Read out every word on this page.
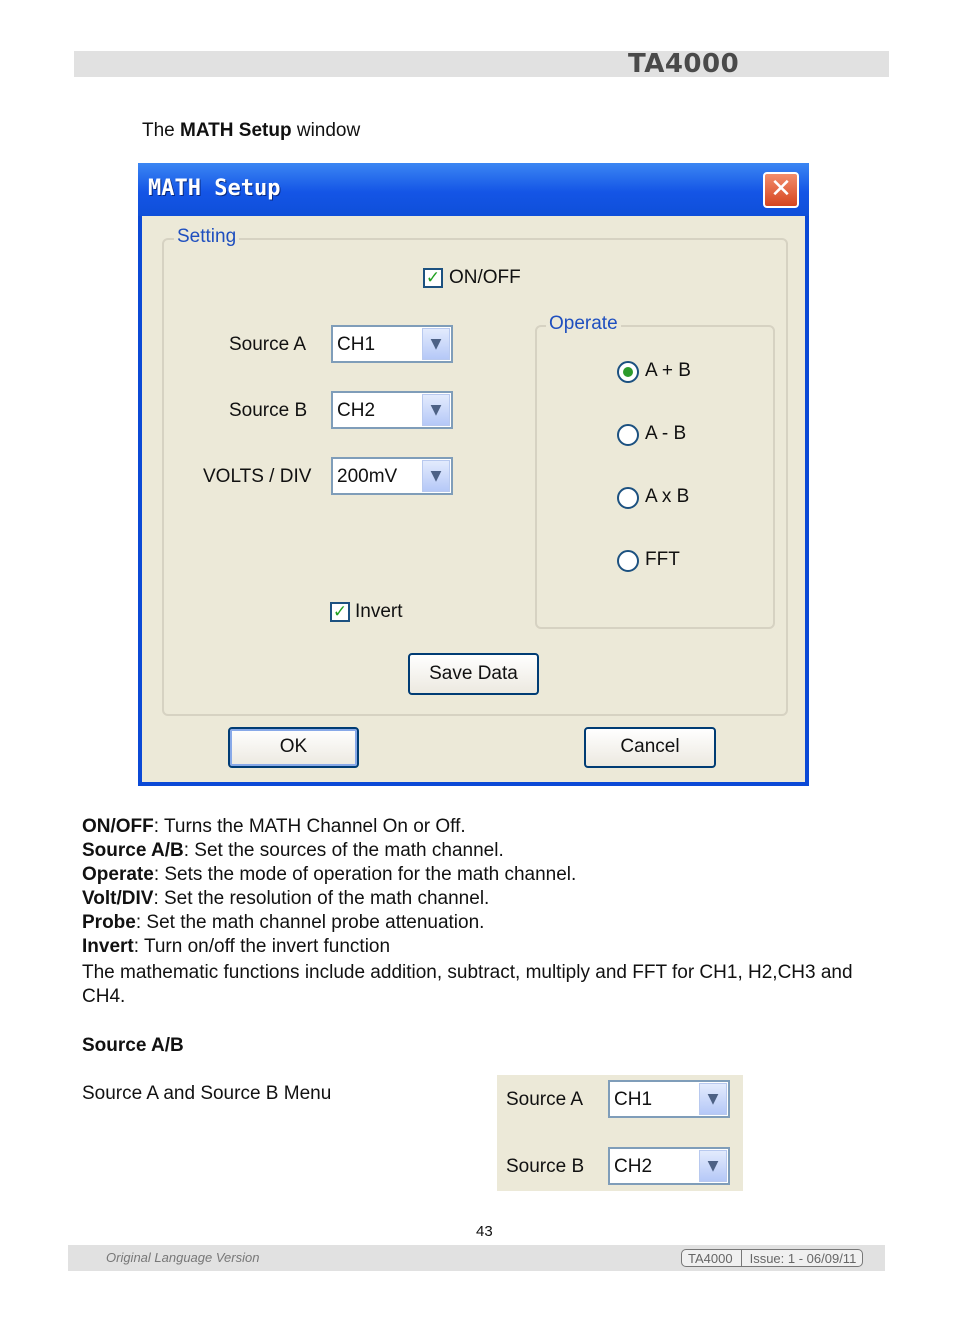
TA4000
The MATH Setup window
MATH Setup	✕
Setting
✓ ON/OFF
Source A CH1	▼
Source B CH2	▼
VOLTS / DIV 200mV	▼
Operate
A + B
A - B
A x B
FFT
✓ Invert
Save Data
OK	Cancel
ON/OFF: Turns the MATH Channel On or Off.
Source A/B: Set the sources of the math channel.
Operate: Sets the mode of operation for the math channel.
Volt/DIV: Set the resolution of the math channel.
Probe: Set the math channel probe attenuation.
Invert: Turn on/off the invert function
The mathematic functions include addition, subtract, multiply and FFT for CH1, H2,CH3 and CH4.
Source A/B
Source A and Source B Menu	Source A CH1	▼
Source B CH2	▼
43
Original Language Version	TA4000 Issue: 1 - 06/09/11
